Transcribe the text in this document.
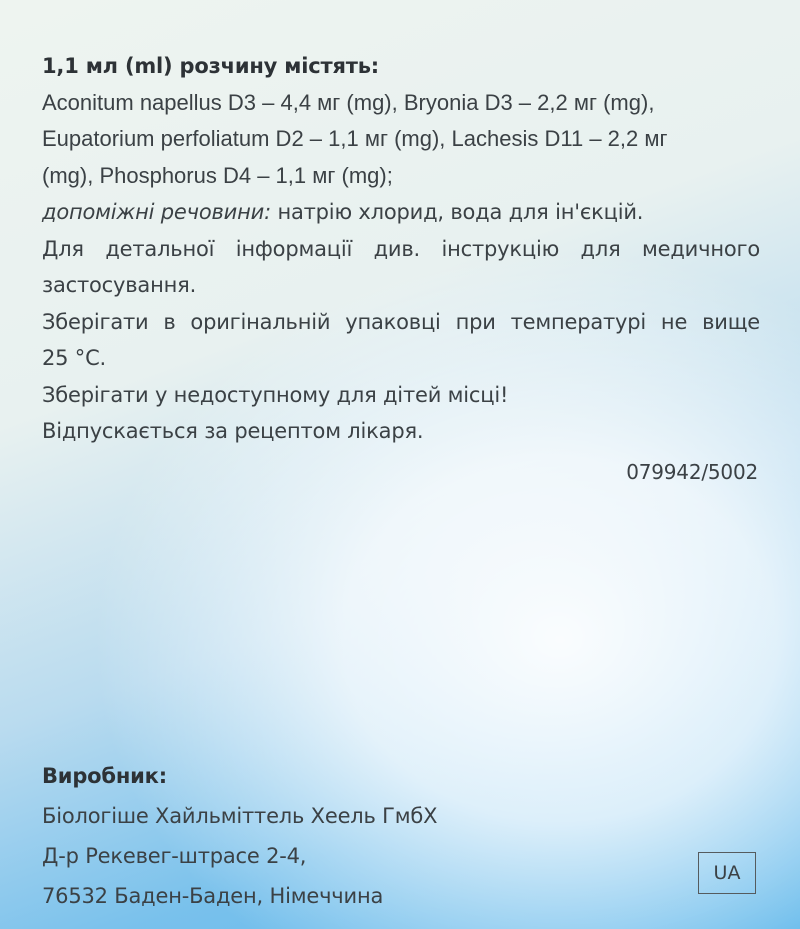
1,1 мл (ml) розчину містять:
Aconitum napellus D3 – 4,4 мг (mg), Bryonia D3 – 2,2 мг (mg),
Eupatorium perfoliatum D2 – 1,1 мг (mg), Lachesis D11 – 2,2 мг
(mg), Phosphorus D4 – 1,1 мг (mg);
допоміжні речовини: натрію хлорид, вода для ін'єкцій.
Для детальної інформації див. інструкцію для медичного
застосування.
Зберігати в оригінальній упаковці при температурі не вище
25 °С.
Зберігати у недоступному для дітей місці!
Відпускається за рецептом лікаря.
079942/5002
Виробник:
Біологіше Хайльміттель Хеель ГмбХ
Д-р Рекевег-штрасе 2-4,
76532 Баден-Баден, Німеччина
UA
